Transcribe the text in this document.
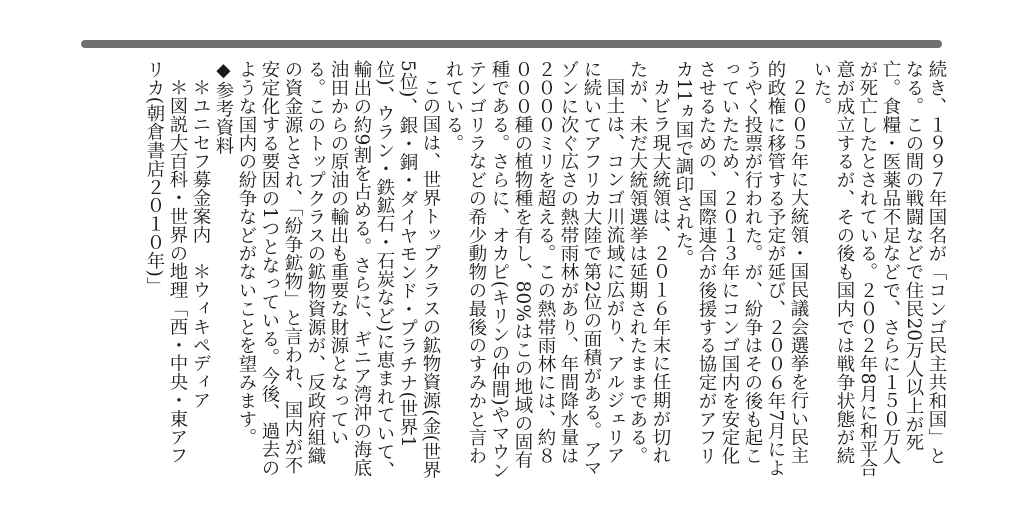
続き、１９９７年国名が「コンゴ民主共和国」となる。この間の戦闘などで住民20万人以上が死亡。食糧・医薬品不足などで、さらに１５０万人が死亡したとされている。２００２年8月に和平合意が成立するが、その後も国内では戦争状態が続いた。

２００５年に大統領・国民議会選挙を行い民主的政権に移管する予定が延び、２００６年7月にようやく投票が行われた。が、紛争はその後も起こっていたため、２０１３年にコンゴ国内を安定化させるための、国際連合が後援する協定がアフリカ11ヵ国で調印された。

カビラ現大統領は、２０１６年末に任期が切れたが、未だ大統領選挙は延期されたままである。

国土は、コンゴ川流域に広がり、アルジェリアに続いてアフリカ大陸で第2位の面積がある。アマゾンに次ぐ広さの熱帯雨林があり、年間降水量は２０００ミリを超える。この熱帯雨林には、約８０００種の植物種を有し、80%はこの地域の固有種である。さらに、オカピ(キリンの仲間)やマウンテンゴリラなどの希少動物の最後のすみかと言われている。

この国は、世界トップクラスの鉱物資源(金(世界5位)、銀・銅・ダイヤモンド・プラチナ(世界1位)、ウラン・鉄鉱石・石炭など)に恵まれていて、輸出の約9割を占める。さらに、ギニア湾沖の海底油田からの原油の輸出も重要な財源となっている。このトップクラスの鉱物資源が、反政府組織の資金源とされ、「紛争鉱物」と言われ、国内が不安定化する要因の1つとなっている。今後、過去のような国内の紛争などがないことを望みます。

◆参考資料

＊ユニセフ募金案内　＊ウィキペディア

＊図説大百科・世界の地理「西・中央・東アフリカ(朝倉書店２０１０年)」
